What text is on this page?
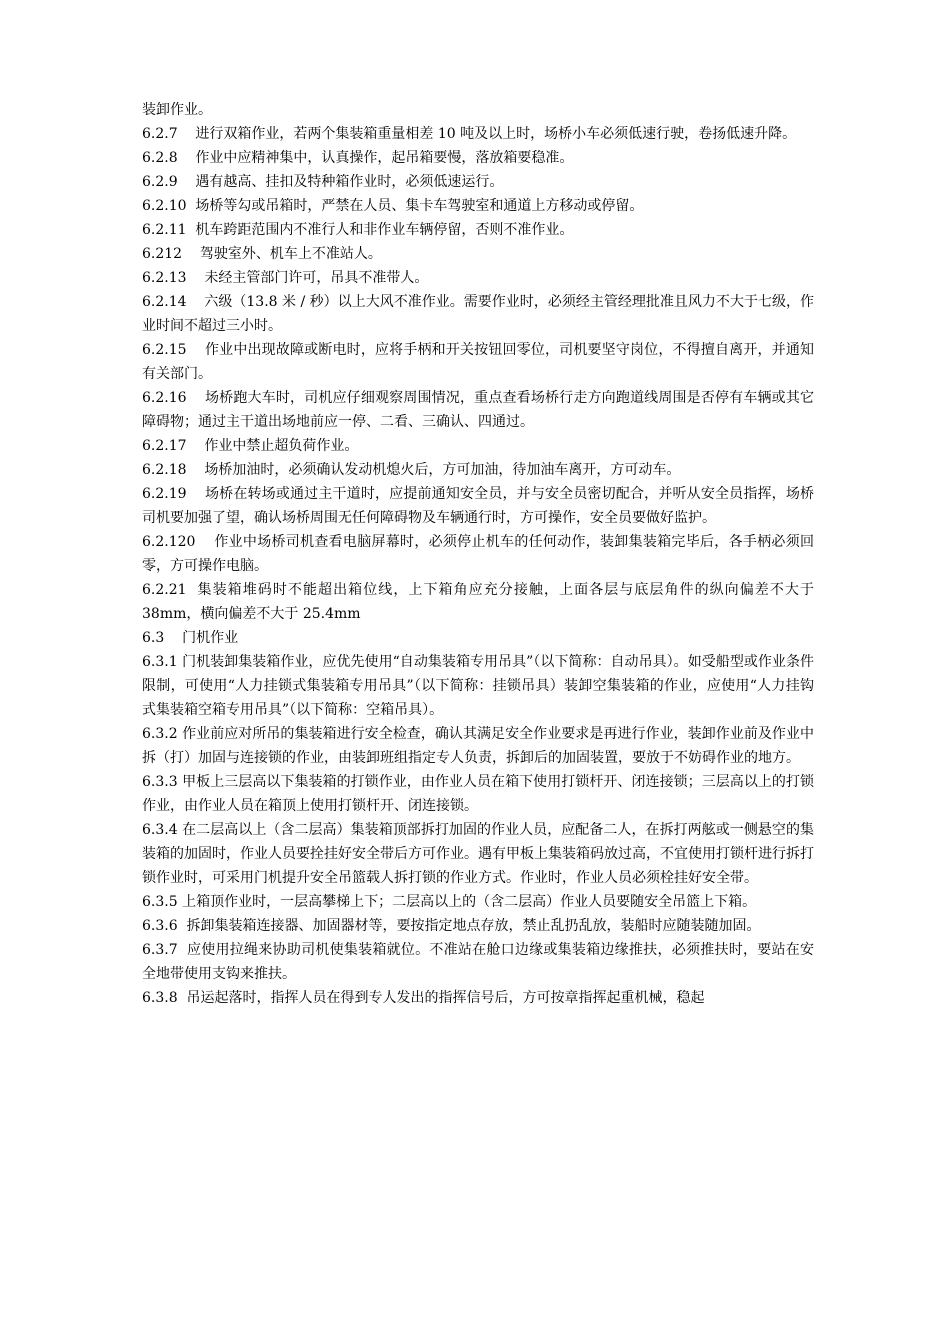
装卸作业。

6.2.7    进行双箱作业，若两个集装箱重量相差 10 吨及以上时，场桥小车必须低速行驶，卷扬低速升降。

6.2.8    作业中应精神集中，认真操作，起吊箱要慢，落放箱要稳准。

6.2.9    遇有越高、挂扣及特种箱作业时，必须低速运行。

6.2.10  场桥等勾或吊箱时，严禁在人员、集卡车驾驶室和通道上方移动或停留。

6.2.11  机车跨距范围内不准行人和非作业车辆停留，否则不准作业。

6.212    驾驶室外、机车上不准站人。

6.2.13    未经主管部门许可，吊具不准带人。

6.2.14    六级（13.8 米 / 秒）以上大风不准作业。需要作业时，必须经主管经理批准且风力不大于七级，作业时间不超过三小时。

6.2.15    作业中出现故障或断电时，应将手柄和开关按钮回零位，司机要坚守岗位，不得擅自离开，并通知有关部门。

6.2.16    场桥跑大车时，司机应仔细观察周围情况，重点查看场桥行走方向跑道线周围是否停有车辆或其它障碍物；通过主干道出场地前应一停、二看、三确认、四通过。

6.2.17    作业中禁止超负荷作业。

6.2.18    场桥加油时，必须确认发动机熄火后，方可加油，待加油车离开，方可动车。

6.2.19    场桥在转场或通过主干道时，应提前通知安全员，并与安全员密切配合，并听从安全员指挥，场桥司机要加强了望，确认场桥周围无任何障碍物及车辆通行时，方可操作，安全员要做好监护。

6.2.120    作业中场桥司机查看电脑屏幕时，必须停止机车的任何动作，装卸集装箱完毕后，各手柄必须回零，方可操作电脑。

6.2.21  集装箱堆码时不能超出箱位线，上下箱角应充分接触，上面各层与底层角件的纵向偏差不大于 38mm，横向偏差不大于 25.4mm

6.3    门机作业

6.3.1 门机装卸集装箱作业，应优先使用“自动集装箱专用吊具”（以下简称：自动吊具）。如受船型或作业条件限制，可使用“人力挂锁式集装箱专用吊具”（以下简称：挂锁吊具）装卸空集装箱的作业，应使用“人力挂钩式集装箱空箱专用吊具”（以下简称：空箱吊具）。

6.3.2 作业前应对所吊的集装箱进行安全检查，确认其满足安全作业要求是再进行作业，装卸作业前及作业中拆（打）加固与连接锁的作业，由装卸班组指定专人负责，拆卸后的加固装置，要放于不妨碍作业的地方。

6.3.3 甲板上三层高以下集装箱的打锁作业，由作业人员在箱下使用打锁杆开、闭连接锁；三层高以上的打锁作业，由作业人员在箱顶上使用打锁杆开、闭连接锁。

6.3.4 在二层高以上（含二层高）集装箱顶部拆打加固的作业人员，应配备二人，在拆打两舷或一侧悬空的集装箱的加固时，作业人员要拴挂好安全带后方可作业。遇有甲板上集装箱码放过高，不宜使用打锁杆进行拆打锁作业时，可采用门机提升安全吊篮载人拆打锁的作业方式。作业时，作业人员必须栓挂好安全带。

6.3.5 上箱顶作业时，一层高攀梯上下；二层高以上的（含二层高）作业人员要随安全吊篮上下箱。

6.3.6  拆卸集装箱连接器、加固器材等，要按指定地点存放，禁止乱扔乱放，装船时应随装随加固。

6.3.7  应使用拉绳来协助司机使集装箱就位。不准站在舱口边缘或集装箱边缘推扶，必须推扶时，要站在安全地带使用支钩来推扶。

6.3.8  吊运起落时，指挥人员在得到专人发出的指挥信号后，方可按章指挥起重机械，稳起
